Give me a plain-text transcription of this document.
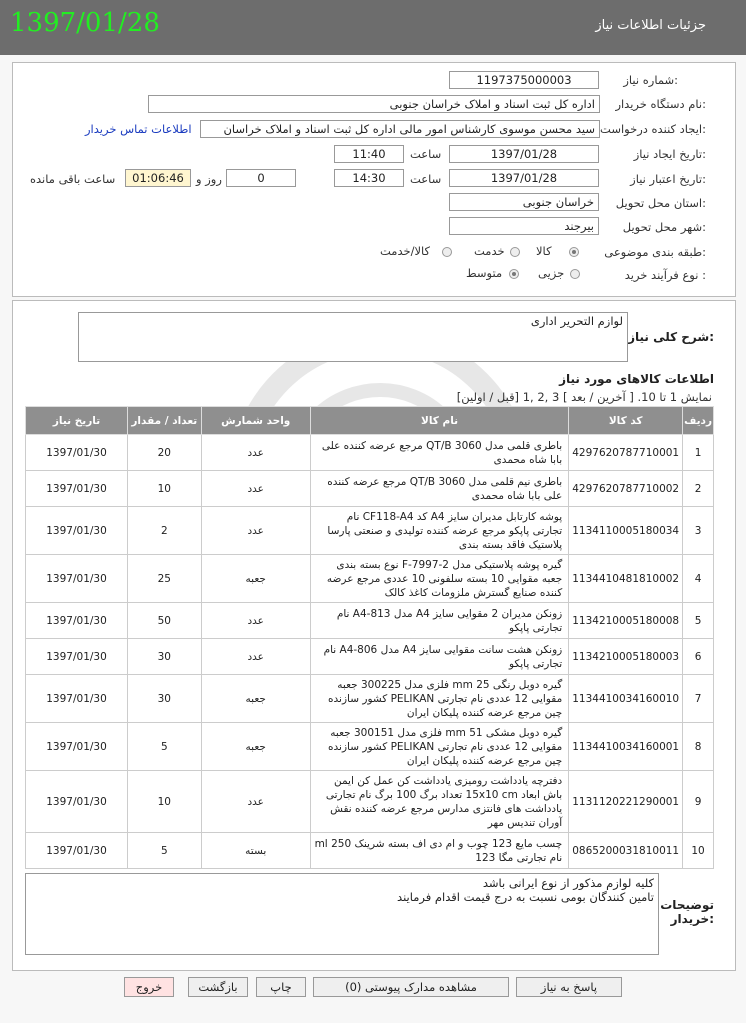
1397/01/28	جزئیات اطلاعات نیاز
شماره نیاز:
1197375000003
نام دستگاه خریدار:
اداره کل ثبت اسناد و املاک خراسان جنوبی
ایجاد کننده درخواست:
سید محسن موسوی کارشناس امور مالی اداره کل ثبت اسناد و املاک خراسان
اطلاعات تماس خریدار
تاریخ ایجاد نیاز:
1397/01/28
ساعت
11:40
تاریخ اعتبار نیاز:
1397/01/28
ساعت
14:30
0
روز و
01:06:46
ساعت باقی مانده
استان محل تحویل:
خراسان جنوبی
شهر محل تحویل:
بیرجند
طبقه بندی موضوعی:
کالا
خدمت
کالا/خدمت
نوع فرآیند خرید :
جزیی
متوسط
شرح کلی نیاز:
لوازم التحریر اداری
اطلاعات کالاهای مورد نیاز
نمایش 1 تا 10. [ آخرین / بعد ] 3 ,2 ,1 [قبل / اولین]
ردیف	کد کالا	نام کالا	واحد شمارش	تعداد / مقدار	تاریخ نیاز
1	4297620787710001	باطری قلمی مدل QT/B 3060 مرجع عرضه کننده علی بابا شاه محمدی	عدد	20	1397/01/30
2	4297620787710002	باطری نیم قلمی مدل QT/B 3060 مرجع عرضه کننده علی بابا شاه محمدی	عدد	10	1397/01/30
3	1134110005180034	پوشه کارتابل مدیران سایز A4 کد CF118-A4 نام تجارتی پاپکو مرجع عرضه کننده تولیدی و صنعتی پارسا پلاستیک فاقد بسته بندی	عدد	2	1397/01/30
4	1134410481810002	گیره پوشه پلاستیکی مدل F-7997-2 نوع بسته بندی جعبه مقوایی 10 بسته سلفونی 10 عددی مرجع عرضه کننده صنایع گسترش ملزومات کاغذ کالک	جعبه	25	1397/01/30
5	1134210005180008	زونکن مدیران 2 مقوایی سایز A4 مدل A4-813 نام تجارتی پاپکو	عدد	50	1397/01/30
6	1134210005180003	زونکن هشت سانت مقوایی سایز A4 مدل A4-806 نام تجارتی پاپکو	عدد	30	1397/01/30
7	1134410034160010	گیره دوبل رنگی 25 mm فلزی مدل 300225 جعبه مقوایی 12 عددی نام تجارتی PELIKAN کشور سازنده چین مرجع عرضه کننده پلیکان ایران	جعبه	30	1397/01/30
8	1134410034160001	گیره دوبل مشکی 51 mm فلزی مدل 300151 جعبه مقوایی 12 عددی نام تجارتی PELIKAN کشور سازنده چین مرجع عرضه کننده پلیکان ایران	جعبه	5	1397/01/30
9	1131120221290001	دفترچه یادداشت رومیزی یادداشت کن عمل کن ایمن باش ابعاد 15x10 cm تعداد برگ 100 برگ نام تجارتی یادداشت های فانتزی مدارس مرجع عرضه کننده نقش آوران تندیس مهر	عدد	10	1397/01/30
10	0865200031810011	چسب مایع 123 چوب و ام دی اف بسته شرینک 250 ml نام تجارتی مگا 123	بسته	5	1397/01/30
توضیحات خریدار:
کلیه لوازم مذکور از نوع ایرانی باشد
تامین کنندگان بومی نسبت به درج قیمت اقدام فرمایند
پاسخ به نیاز
مشاهده مدارک پیوستی (0)
چاپ
بازگشت
خروج
